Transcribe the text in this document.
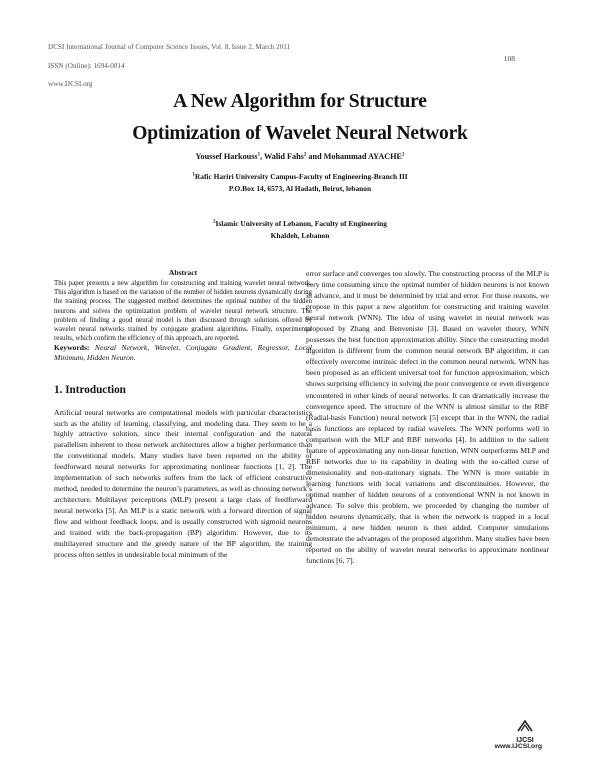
IJCSI International Journal of Computer Science Issues, Vol. 8, Issue 2, March 2011

ISSN (Online): 1694-0814

www.IJCSI.org

108
A New Algorithm for Structure
Optimization of Wavelet Neural Network
Youssef Harkouss$^1$, Walid Fahs$^2$ and Mohammad AYACHE$^2$
$^1$Rafic Hariri University Campus-Faculty of Engineering-Branch III
P.O.Box 14, 6573, Al Hadath, Beirut, lebanon
$^2$Islamic University of Lebanon, Faculty of Engineering
Khaldeh, Lebanon
Abstract
This paper presents a new algorithm for constructing and training wavelet neural network. This algorithm is based on the variation of the number of hidden neurons dynamically during the training process. The suggested method determines the optimal number of the hidden neurons and solves the optimization problem of wavelet neural network structure. The problem of finding a good neural model is then discussed through solutions offered by wavelet neural networks trained by conjugate gradient algorithms. Finally, experimental results, which confirm the efficiency of this approach, are reported.
Keywords: Neural Network, Wavelet, Conjugate Gradient, Regressor, Local Minimum, Hidden Neuron.
1. Introduction
Artificial neural networks are computational models with particular characteristics such as the ability of learning, classifying, and modeling data. They seem to be a highly attractive solution, since their internal configuration and the natural parallelism inherent to those network architectures allow a higher performance than the conventional models. Many studies have been reported on the ability of feedforward neural networks for approximating nonlinear functions [1, 2]. The implementation of such networks suffers from the lack of efficient constructive method, needed to determine the neuron’s parameters, as well as choosing network’s architecture. Multilayer perceptrons (MLP) present a large class of feedforward neural networks [5]. An MLP is a static network with a forward direction of signal flow and without feedback loops, and is usually constructed with sigmoid neurons and trained with the back-propagation (BP) algorithm. However, due to its multilayered structure and the greedy nature of the BP algorithm, the training process often settles in undesirable local minimum of the
error surface and converges too slowly. The constructing process of the MLP is very time consuming since the optimal number of hidden neurons is not known in advance, and it must be determined by trial and error. For those reasons, we propose in this paper a new algorithm for constructing and training wavelet neural network (WNN). The idea of using wavelet in neural network was proposed by Zhang and Benveniste [3]. Based on wavelet theory, WNN possesses the best function approximation ability. Since the constructing model algorithm is different from the common neural network BP algorithm, it can effectively overcome intrinsic defect in the common neural network. WNN has been proposed as an efficient universal tool for function approximation, which shows surprising efficiency in solving the poor convergence or even divergence encountered in other kinds of neural networks. It can dramatically increase the convergence speed. The structure of the WNN is almost similar to the RBF (Radial-basis Function) neural network [5] except that in the WNN, the radial basis functions are replaced by radial wavelets. The WNN performs well in comparison with the MLP and RBF networks [4]. In addition to the salient feature of approximating any non-linear function, WNN outperforms MLP and RBF networks due to its capability in dealing with the so-called curse of dimensionality and non-stationary signals. The WNN is more suitable in learning functions with local variations and discontinuities. However, the optimal number of hidden neurons of a conventional WNN is not known in advance. To solve this problem, we proceeded by changing the number of hidden neurons dynamically, that is when the network is trapped in a local minimum, a new hidden neuron is then added. Computer simulations demonstrate the advantages of the proposed algorithm. Many studies have been reported on the ability of wavelet neural networks to approximate nonlinear functions [6, 7].
IJCSI
www.IJCSI.org
